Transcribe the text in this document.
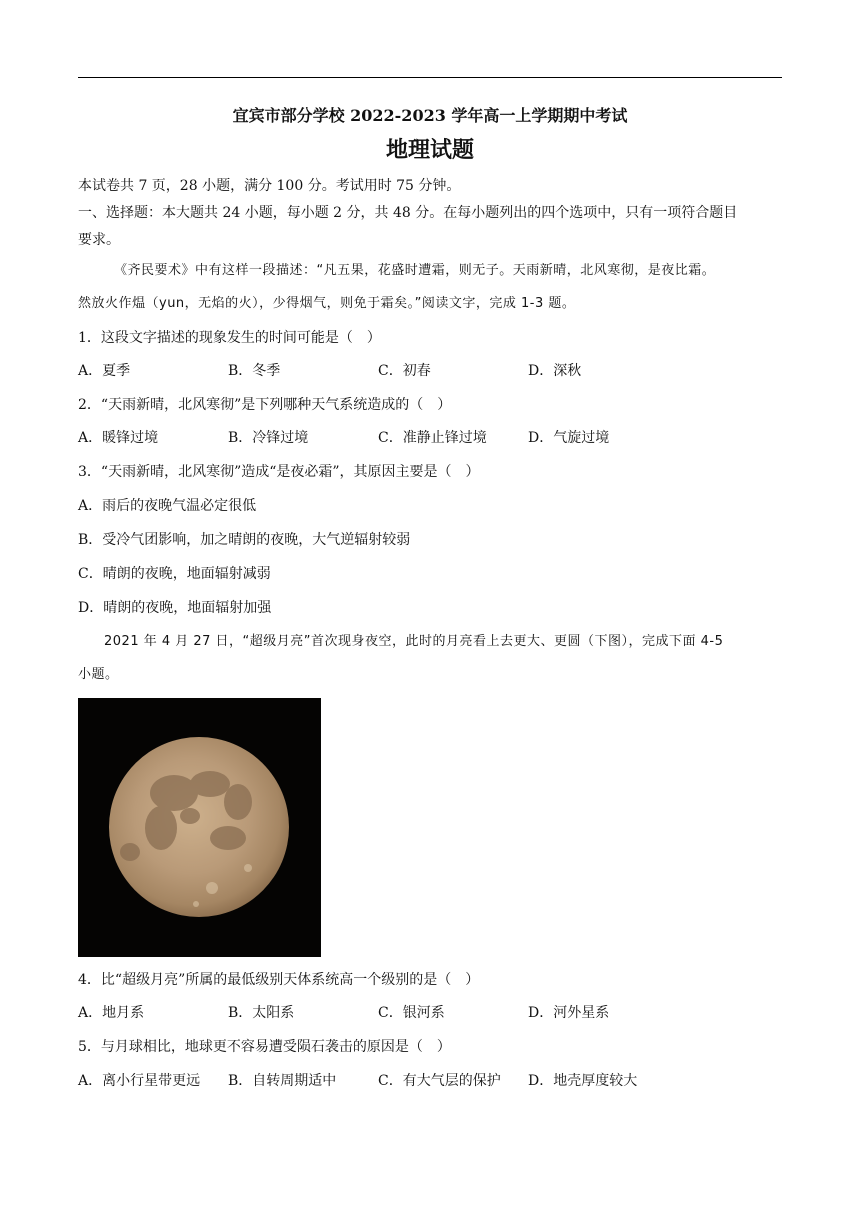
宜宾市部分学校 2022-2023 学年高一上学期期中考试
地理试题
本试卷共 7 页，28 小题，满分 100 分。考试用时 75 分钟。
一、选择题：本大题共 24 小题，每小题 2 分，共 48 分。在每小题列出的四个选项中，只有一项符合题目
要求。
《齐民要术》中有这样一段描述：“凡五果，花盛时遭霜，则无子。天雨新晴，北风寒彻，是夜比霜。
然放火作煴（yun，无焰的火），少得烟气，则免于霜矣。”阅读文字，完成 1-3 题。
1．这段文字描述的现象发生的时间可能是（　）
A．夏季	B．冬季	C．初春	D．深秋
2．“天雨新晴，北风寒彻”是下列哪种天气系统造成的（　）
A．暖锋过境	B．冷锋过境	C．准静止锋过境	D．气旋过境
3．“天雨新晴，北风寒彻”造成“是夜必霜”，其原因主要是（　）
A．雨后的夜晚气温必定很低
B．受冷气团影响，加之晴朗的夜晚，大气逆辐射较弱
C．晴朗的夜晚，地面辐射减弱
D．晴朗的夜晚，地面辐射加强
2021 年 4 月 27 日，“超级月亮”首次现身夜空，此时的月亮看上去更大、更圆（下图），完成下面 4-5
小题。
4．比“超级月亮”所属的最低级别天体系统高一个级别的是（　）
A．地月系	B．太阳系	C．银河系	D．河外星系
5．与月球相比，地球更不容易遭受陨石袭击的原因是（　）
A．离小行星带更远 B．自转周期适中	C．有大气层的保护 D．地壳厚度较大
